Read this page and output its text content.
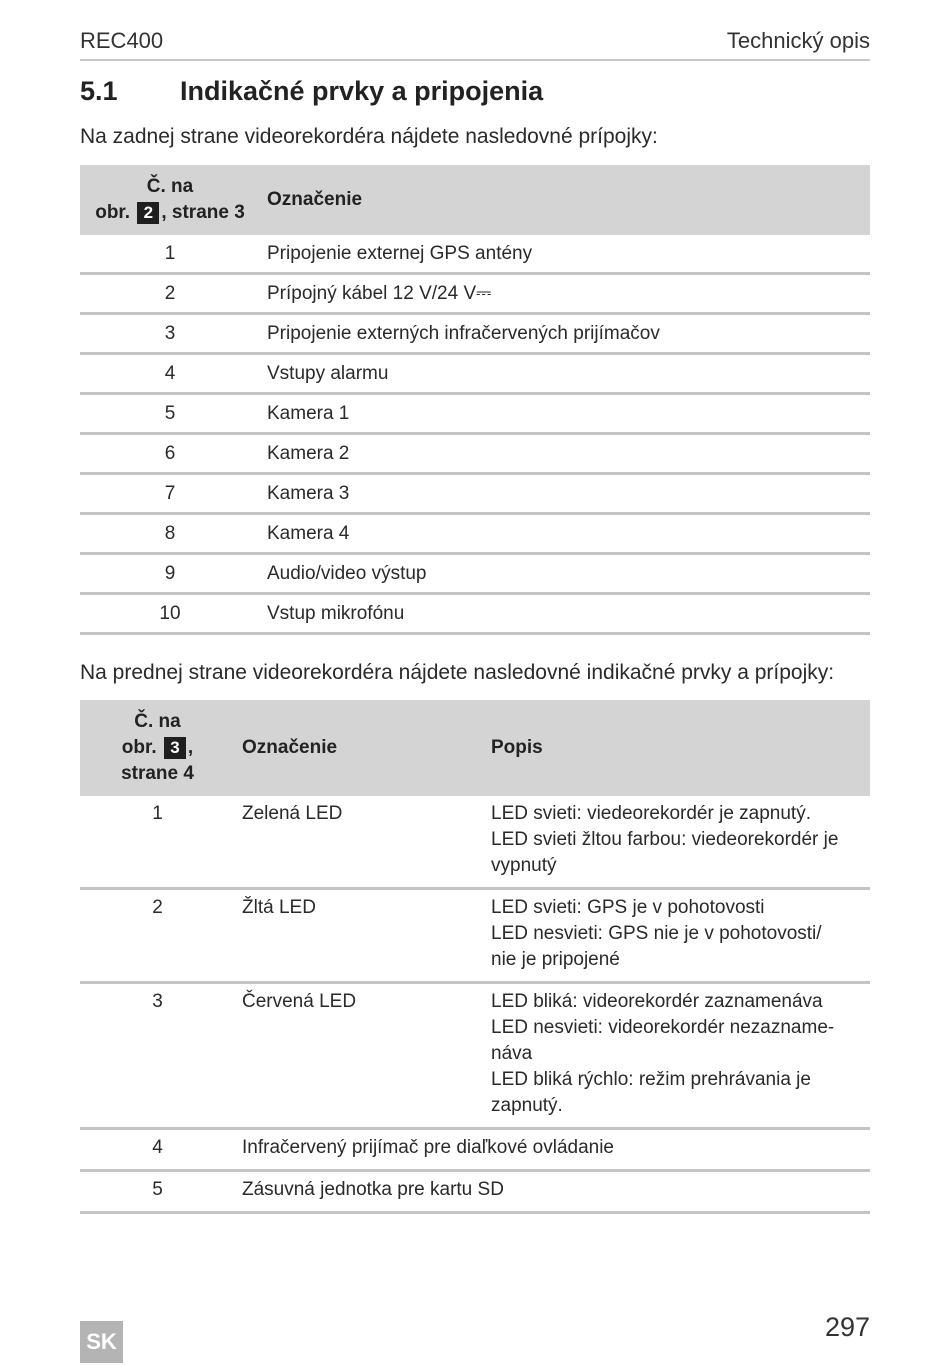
REC400	Technický opis
5.1 Indikačné prvky a pripojenia
Na zadnej strane videorekordéra nájdete nasledovné prípojky:
Č. na
obr. 2 , strane 3	Označenie
1	Pripojenie externej GPS antény
2	Prípojný kábel 12 V/24 V⎓
3	Pripojenie externých infračervených prijímačov
4	Vstupy alarmu
5	Kamera 1
6	Kamera 2
7	Kamera 3
8	Kamera 4
9	Audio/video výstup
10	Vstup mikrofónu
Na prednej strane videorekordéra nájdete nasledovné indikačné prvky a prípojky:
Č. na
obr. 3 ,
strane 4	Označenie	Popis
1	Zelená LED	LED svieti: viedeorekordér je zapnutý.
LED svieti žltou farbou: viedeorekordér je
vypnutý

2	Žltá LED	LED svieti: GPS je v pohotovosti
LED nesvieti: GPS nie je v pohotovosti/
nie je pripojené

3	Červená LED	LED bliká: videorekordér zaznamenáva
LED nesvieti: videorekordér nezazname-
náva
LED bliká rýchlo: režim prehrávania je
zapnutý.

4	Infračervený prijímač pre diaľkové ovládanie	
5	Zásuvná jednotka pre kartu SD	
SK	297
